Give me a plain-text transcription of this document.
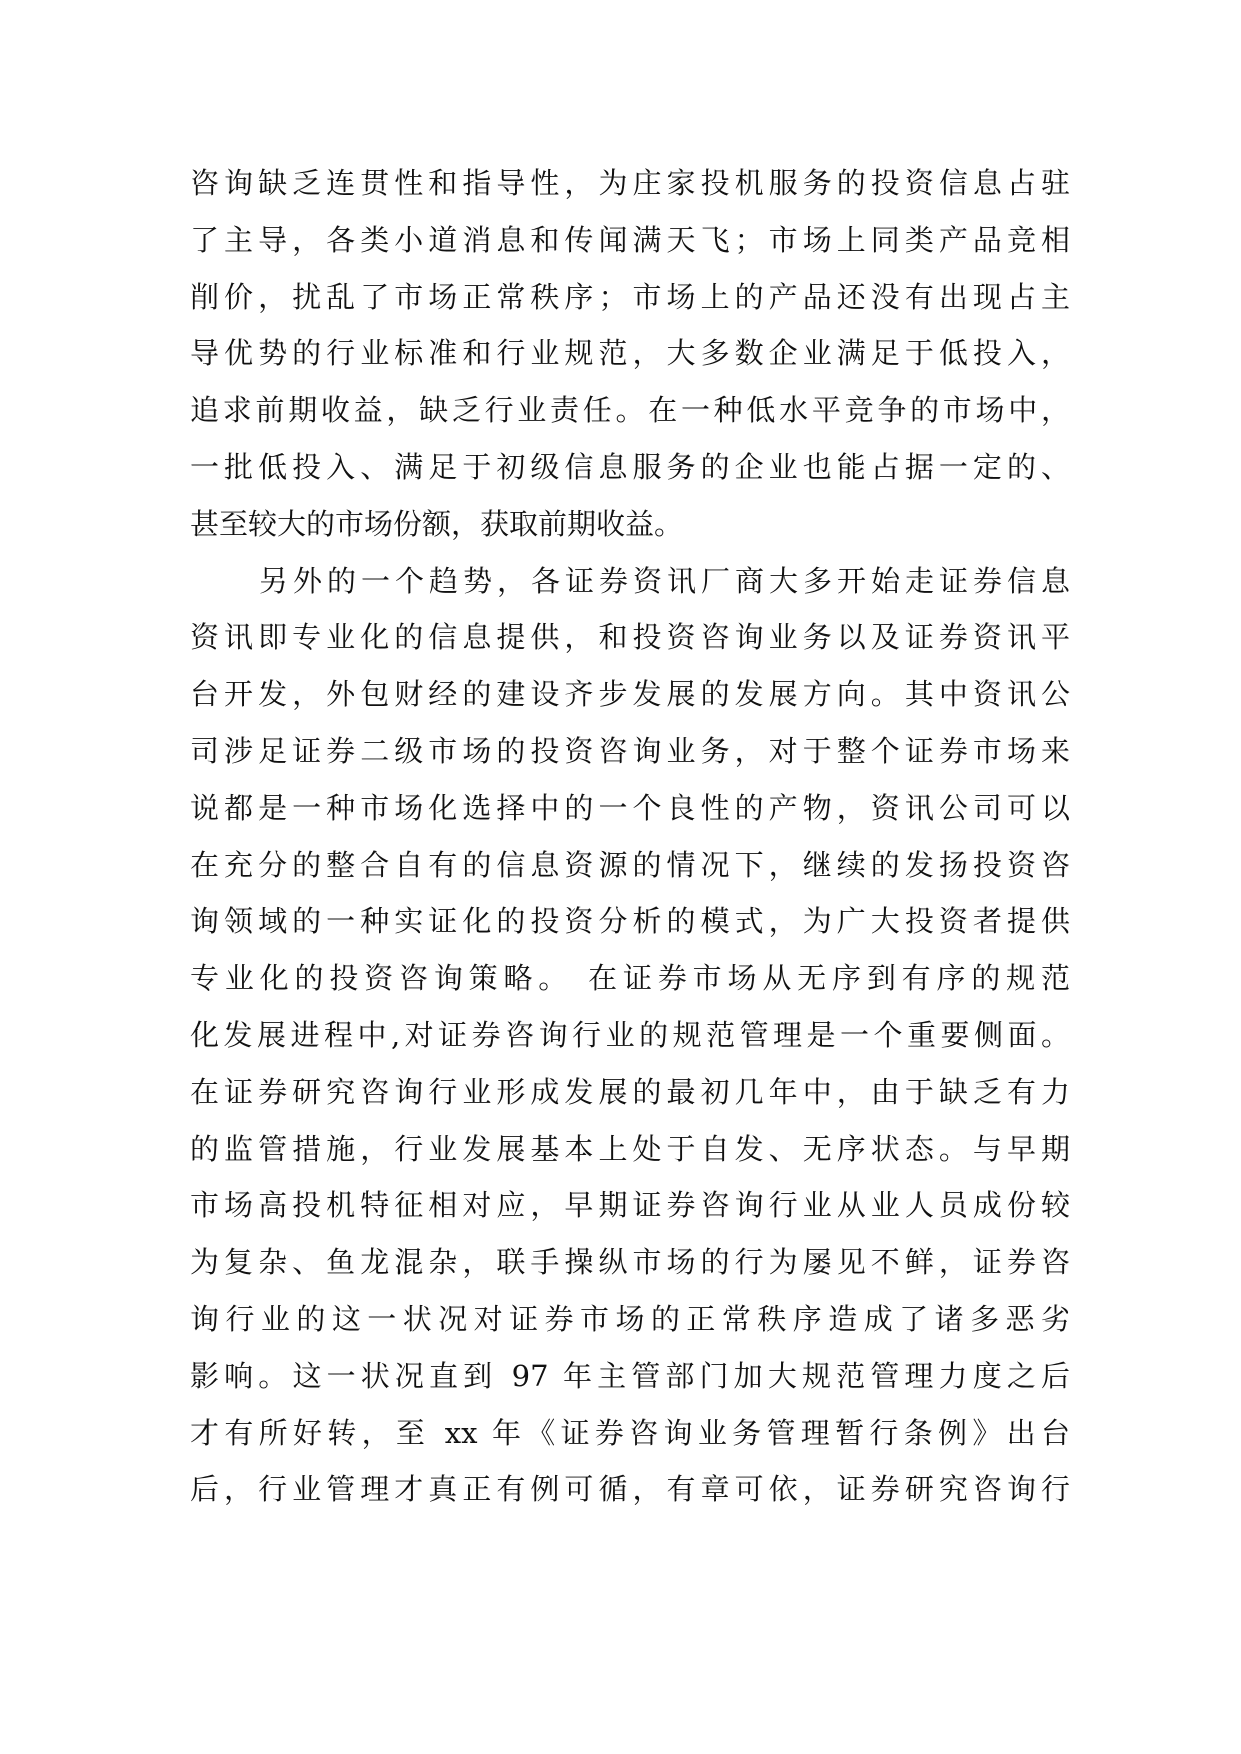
咨询缺乏连贯性和指导性，为庄家投机服务的投资信息占驻
了主导，各类小道消息和传闻满天飞；市场上同类产品竞相
削价，扰乱了市场正常秩序；市场上的产品还没有出现占主
导优势的行业标准和行业规范，大多数企业满足于低投入，
追求前期收益，缺乏行业责任。在一种低水平竞争的市场中，
一批低投入、满足于初级信息服务的企业也能占据一定的、
甚至较大的市场份额，获取前期收益。
另外的一个趋势，各证券资讯厂商大多开始走证券信息
资讯即专业化的信息提供，和投资咨询业务以及证券资讯平
台开发，外包财经的建设齐步发展的发展方向。其中资讯公
司涉足证券二级市场的投资咨询业务，对于整个证券市场来
说都是一种市场化选择中的一个良性的产物，资讯公司可以
在充分的整合自有的信息资源的情况下，继续的发扬投资咨
询领域的一种实证化的投资分析的模式，为广大投资者提供
专业化的投资咨询策略。 在证券市场从无序到有序的规范
化发展进程中,对证券咨询行业的规范管理是一个重要侧面。
在证券研究咨询行业形成发展的最初几年中，由于缺乏有力
的监管措施，行业发展基本上处于自发、无序状态。与早期
市场高投机特征相对应，早期证券咨询行业从业人员成份较
为复杂、鱼龙混杂，联手操纵市场的行为屡见不鲜，证券咨
询行业的这一状况对证券市场的正常秩序造成了诸多恶劣
影响。这一状况直到 97 年主管部门加大规范管理力度之后
才有所好转，至 xx 年《证券咨询业务管理暂行条例》出台
后，行业管理才真正有例可循，有章可依，证券研究咨询行
